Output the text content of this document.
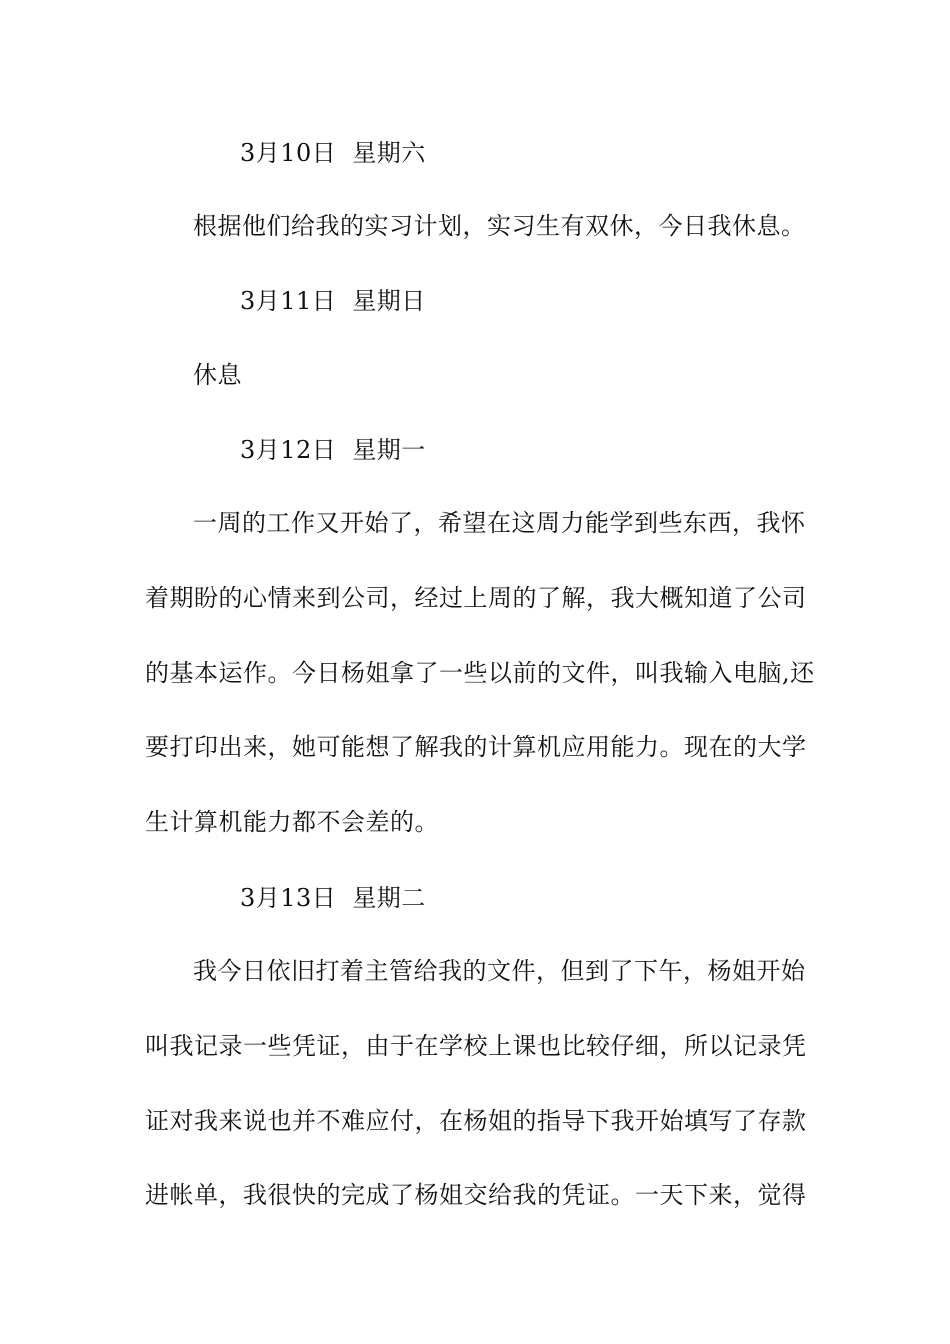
3月10日 星期六
根据他们给我的实习计划，实习生有双休，今日我休息。
3月11日 星期日
休息
3月12日 星期一
一周的工作又开始了，希望在这周力能学到些东西，我怀
着期盼的心情来到公司，经过上周的了解，我大概知道了公司
的基本运作。今日杨姐拿了一些以前的文件，叫我输入电脑,还
要打印出来，她可能想了解我的计算机应用能力。现在的大学
生计算机能力都不会差的。
3月13日 星期二
我今日依旧打着主管给我的文件，但到了下午，杨姐开始
叫我记录一些凭证，由于在学校上课也比较仔细，所以记录凭
证对我来说也并不难应付，在杨姐的指导下我开始填写了存款
进帐单，我很快的完成了杨姐交给我的凭证。一天下来，觉得
